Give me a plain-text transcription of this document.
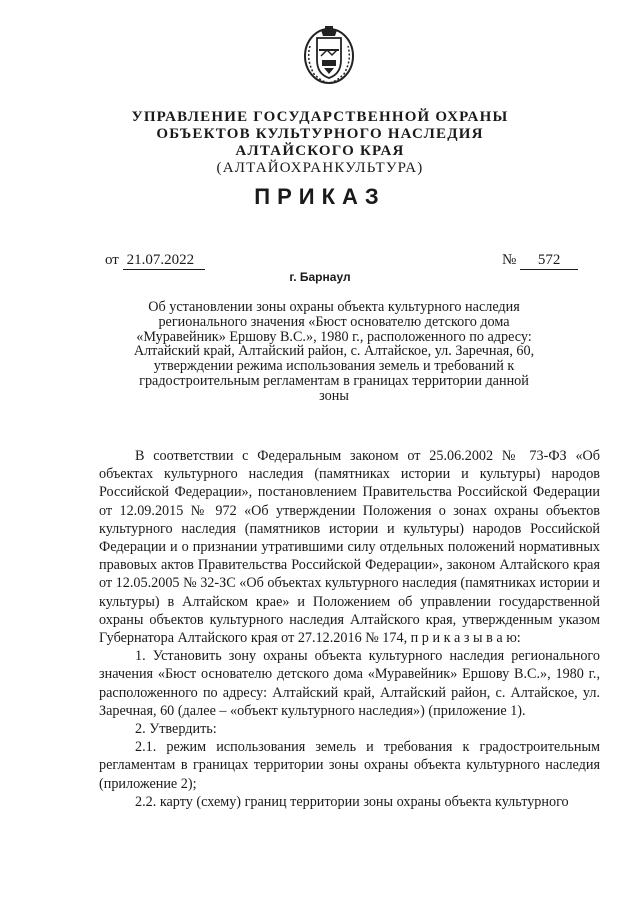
УПРАВЛЕНИЕ ГОСУДАРСТВЕННОЙ ОХРАНЫ
ОБЪЕКТОВ КУЛЬТУРНОГО НАСЛЕДИЯ
АЛТАЙСКОГО КРАЯ
(АЛТАЙОХРАНКУЛЬТУРА)
ПРИКАЗ
от 21.07.2022	№ 572
г. Барнаул
Об установлении зоны охраны объекта культурного наследия регионального значения «Бюст основателю детского дома «Муравейник» Ершову В.С.», 1980 г., расположенного по адресу: Алтайский край, Алтайский район, с. Алтайское, ул. Заречная, 60, утверждении режима использования земель и требований к градостроительным регламентам в границах территории данной зоны

В соответствии с Федеральным законом от 25.06.2002 № 73-ФЗ «Об объектах культурного наследия (памятниках истории и культуры) народов Российской Федерации», постановлением Правительства Российской Федерации от 12.09.2015 № 972 «Об утверждении Положения о зонах охраны объектов культурного наследия (памятников истории и культуры) народов Российской Федерации и о признании утратившими силу отдельных положений нормативных правовых актов Правительства Российской Федерации», законом Алтайского края от 12.05.2005 № 32-ЗС «Об объектах культурного наследия (памятниках истории и культуры) в Алтайском крае» и Положением об управлении государственной охраны объектов культурного наследия Алтайского края, утвержденным указом Губернатора Алтайского края от 27.12.2016 № 174, п р и к а з ы в а ю:

1. Установить зону охраны объекта культурного наследия регионального значения «Бюст основателю детского дома «Муравейник» Ершову В.С.», 1980 г., расположенного по адресу: Алтайский край, Алтайский район, с. Алтайское, ул. Заречная, 60 (далее – «объект культурного наследия») (приложение 1).

2. Утвердить:

2.1. режим использования земель и требования к градостроительным регламентам в границах территории зоны охраны объекта культурного наследия (приложение 2);

2.2. карту (схему) границ территории зоны охраны объекта культурного
